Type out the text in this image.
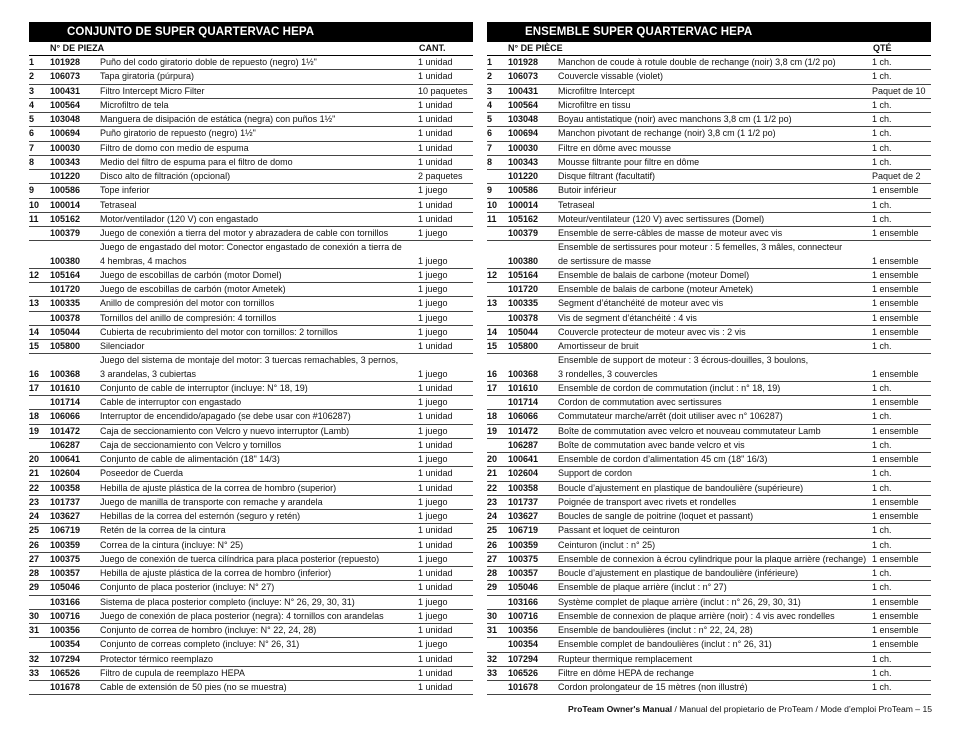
CONJUNTO DE SUPER QUARTERVAC HEPA
N° DE PIEZA	CANT.
1	101928	Puño del codo giratorio doble de repuesto (negro) 1½"	1 unidad
2	106073	Tapa giratoria (púrpura)	1 unidad
3	100431	Filtro Intercept Micro Filter	10 paquetes
4	100564	Microfiltro de tela	1 unidad
5	103048	Manguera de disipación de estática (negra) con puños 1½"	1 unidad
6	100694	Puño giratorio de repuesto (negro) 1½"	1 unidad
7	100030	Filtro de domo con medio de espuma	1 unidad
8	100343	Medio del filtro de espuma para el filtro de domo	1 unidad
	101220	Disco alto de filtración (opcional)	2 paquetes
9	100586	Tope inferior	1 juego
10	100014	Tetraseal	1 unidad
11	105162	Motor/ventilador (120 V) con engastado	1 unidad
	100379	Juego de conexión a tierra del motor y abrazadera de cable con tornillos	1 juego
	100380	Juego de engastado del motor: Conector engastado de conexión a tierra de
4 hembras, 4 machos	1 juego
12	105164	Juego de escobillas de carbón (motor Domel)	1 juego
	101720	Juego de escobillas de carbón (motor Ametek)	1 juego
13	100335	Anillo de compresión del motor con tornillos	1 juego
	100378	Tornillos del anillo de compresión: 4 tornillos	1 juego
14	105044	Cubierta de recubrimiento del motor con tornillos: 2 tornillos	1 juego
15	105800	Silenciador	1 unidad
16	100368	Juego del sistema de montaje del motor: 3 tuercas remachables, 3 pernos,
3 arandelas, 3 cubiertas	1 juego
17	101610	Conjunto de cable de interruptor (incluye: N° 18, 19)	1 unidad
	101714	Cable de interruptor con engastado	1 juego
18	106066	Interruptor de encendido/apagado (se debe usar con #106287)	1 unidad
19	101472	Caja de seccionamiento con Velcro y nuevo interruptor (Lamb)	1 juego
	106287	Caja de seccionamiento con Velcro y tornillos	1 unidad
20	100641	Conjunto de cable de alimentación (18" 14/3)	1 juego
21	102604	Poseedor de Cuerda	1 unidad
22	100358	Hebilla de ajuste plástica de la correa de hombro (superior)	1 unidad
23	101737	Juego de manilla de transporte con remache y arandela	1 juego
24	103627	Hebillas de la correa del esternón (seguro y retén)	1 juego
25	106719	Retén de la correa de la cintura	1 unidad
26	100359	Correa de la cintura (incluye: N° 25)	1 unidad
27	100375	Juego de conexión de tuerca cilíndrica para placa posterior (repuesto)	1 juego
28	100357	Hebilla de ajuste plástica de la correa de hombro (inferior)	1 unidad
29	105046	Conjunto de placa posterior (incluye: N° 27)	1 unidad
	103166	Sistema de placa posterior completo (incluye: N° 26, 29, 30, 31)	1 juego
30	100716	Juego de conexión de placa posterior (negra): 4 tornillos con arandelas	1 juego
31	100356	Conjunto de correa de hombro (incluye: N° 22, 24, 28)	1 unidad
	100354	Conjunto de correas completo (incluye: N° 26, 31)	1 juego
32	107294	Protector térmico reemplazo	1 unidad
33	106526	Filtro de cupula de reemplazo HEPA	1 unidad
	101678	Cable de extensión de 50 pies (no se muestra)	1 unidad
ENSEMBLE SUPER QUARTERVAC HEPA
N° DE PIÈCE	QTÉ
1	101928	Manchon de coude à rotule double de rechange (noir) 3,8 cm (1/2 po)	1 ch.
2	106073	Couvercle vissable (violet)	1 ch.
3	100431	Microfiltre Intercept	Paquet de 10
4	100564	Microfiltre en tissu	1 ch.
5	103048	Boyau antistatique (noir) avec manchons 3,8 cm (1 1/2 po)	1 ch.
6	100694	Manchon pivotant de rechange (noir) 3,8 cm (1 1/2 po)	1 ch.
7	100030	Filtre en dôme avec mousse	1 ch.
8	100343	Mousse filtrante pour filtre en dôme	1 ch.
	101220	Disque filtrant (facultatif)	Paquet de 2
9	100586	Butoir inférieur	1 ensemble
10	100014	Tetraseal	1 ch.
11	105162	Moteur/ventilateur (120 V) avec sertissures (Domel)	1 ch.
	100379	Ensemble de serre-câbles de masse de moteur avec vis	1 ensemble
	100380	Ensemble de sertissures pour moteur : 5 femelles, 3 mâles, connecteur
de sertissure de masse	1 ensemble
12	105164	Ensemble de balais de carbone (moteur Domel)	1 ensemble
	101720	Ensemble de balais de carbone (moteur Ametek)	1 ensemble
13	100335	Segment d’étanchéité de moteur avec vis	1 ensemble
	100378	Vis de segment d’étanchéité : 4 vis	1 ensemble
14	105044	Couvercle protecteur de moteur avec vis : 2 vis	1 ensemble
15	105800	Amortisseur de bruit	1 ch.
16	100368	Ensemble de support de moteur : 3 écrous-douilles, 3 boulons,
3 rondelles, 3 couvercles	1 ensemble
17	101610	Ensemble de cordon de commutation (inclut : n° 18, 19)	1 ch.
	101714	Cordon de commutation avec sertissures	1 ensemble
18	106066	Commutateur marche/arrêt (doit utiliser avec n° 106287)	1 ch.
19	101472	Boîte de commutation avec velcro et nouveau commutateur Lamb	1 ensemble
	106287	Boîte de commutation avec bande velcro et vis	1 ch.
20	100641	Ensemble de cordon d’alimentation 45 cm (18" 16/3)	1 ensemble
21	102604	Support de cordon	1 ch.
22	100358	Boucle d’ajustement en plastique de bandoulière (supérieure)	1 ch.
23	101737	Poignée de transport avec rivets et rondelles	1 ensemble
24	103627	Boucles de sangle de poitrine (loquet et passant)	1 ensemble
25	106719	Passant et loquet de ceinturon	1 ch.
26	100359	Ceinturon (inclut : n° 25)	1 ch.
27	100375	Ensemble de connexion à écrou cylindrique pour la plaque arrière (rechange)	1 ensemble
28	100357	Boucle d’ajustement en plastique de bandoulière (inférieure)	1 ch.
29	105046	Ensemble de plaque arrière (inclut : n° 27)	1 ch.
	103166	Système complet de plaque arrière (inclut : n° 26, 29, 30, 31)	1 ensemble
30	100716	Ensemble de connexion de plaque arrière (noir) : 4 vis avec rondelles	1 ensemble
31	100356	Ensemble de bandoulières (inclut : n° 22, 24, 28)	1 ensemble
	100354	Ensemble complet de bandoulières (inclut : n° 26, 31)	1 ensemble
32	107294	Rupteur thermique remplacement	1 ch.
33	106526	Filtre en dôme HEPA de rechange	1 ch.
	101678	Cordon prolongateur de 15 mètres (non illustré)	1 ch.
ProTeam Owner's Manual / Manual del propietario de ProTeam / Mode d’emploi ProTeam – 15
